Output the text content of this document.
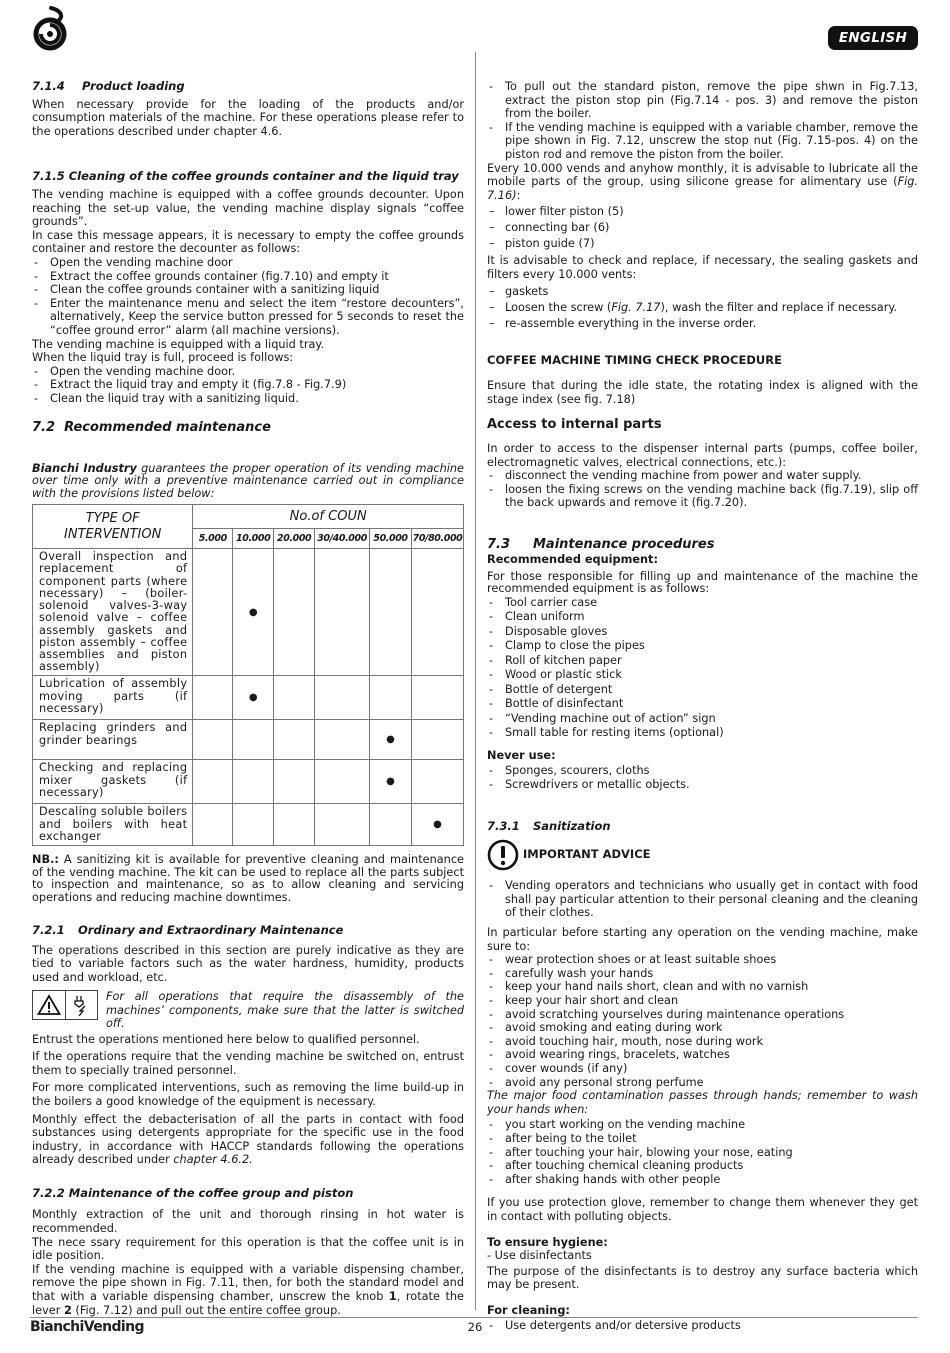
ENGLISH
7.1.4 Product loading

When necessary provide for the loading of the products and/or consumption materials of the machine. For these operations please refer to the operations described under chapter 4.6.

7.1.5 Cleaning of the coffee grounds container and the liquid tray

The vending machine is equipped with a coffee grounds decounter. Upon reaching the set-up value, the vending machine display signals “coffee grounds”.

In case this message appears, it is necessary to empty the coffee grounds container and restore the decounter as follows:

- Open the vending machine door
- Extract the coffee grounds container (fig.7.10) and empty it
- Clean the coffee grounds container with a sanitizing liquid
- Enter the maintenance menu and select the item “restore decounters”, alternatively, Keep the service button pressed for 5 seconds to reset the “coffee ground error” alarm (all machine versions).

The vending machine is equipped with a liquid tray.

When the liquid tray is full, proceed is follows:

- Open the vending machine door.
- Extract the liquid tray and empty it (fig.7.8 - Fig.7.9)
- Clean the liquid tray with a sanitizing liquid.
7.2 Recommended maintenance

Bianchi Industry guarantees the proper operation of its vending machine over time only with a preventive maintenance carried out in compliance with the provisions listed below:

TYPE OF
INTERVENTION	No.of COUN					
	5.000	10.000	20.000	30/40.000	50.000	70/80.000
Overall inspection and replacement of component parts (where necessary) – (boiler-solenoid valves-3-way solenoid valve – coffee assembly gaskets and piston assembly – coffee assemblies and piston assembly)		●				
Lubrication of assembly moving parts (if necessary)		●				
Replacing grinders and grinder bearings					●	
Checking and replacing mixer gaskets (if necessary)					●	
Descaling soluble boilers and boilers with heat exchanger						●

NB.: A sanitizing kit is available for preventive cleaning and maintenance of the vending machine. The kit can be used to replace all the parts subject to inspection and maintenance, so as to allow cleaning and servicing operations and reducing machine downtimes.

7.2.1 Ordinary and Extraordinary Maintenance

The operations described in this section are purely indicative as they are tied to variable factors such as the water hardness, humidity, products used and workload, etc.

For all operations that require the disassembly of the machines’ components, make sure that the latter is switched off.

Entrust the operations mentioned here below to qualified personnel.

If the operations require that the vending machine be switched on, entrust them to specially trained personnel.

For more complicated interventions, such as removing the lime build-up in the boilers a good knowledge of the equipment is necessary.

Monthly effect the debacterisation of all the parts in contact with food substances using detergents appropriate for the specific use in the food industry, in accordance with HACCP standards following the operations already described under chapter 4.6.2.

7.2.2 Maintenance of the coffee group and piston

Monthly extraction of the unit and thorough rinsing in hot water is recommended.

The nece ssary requirement for this operation is that the coffee unit is in idle position.

If the vending machine is equipped with a variable dispensing chamber, remove the pipe shown in Fig. 7.11, then, for both the standard model and that with a variable dispensing chamber, unscrew the knob 1, rotate the lever 2 (Fig. 7.12) and pull out the entire coffee group.

- To pull out the standard piston, remove the pipe shwn in Fig.7.13, extract the piston stop pin (Fig.7.14 - pos. 3) and remove the piston from the boiler.
- If the vending machine is equipped with a variable chamber, remove the pipe shown in Fig. 7.12, unscrew the stop nut (Fig. 7.15-pos. 4) on the piston rod and remove the piston from the boiler.

Every 10.000 vends and anyhow monthly, it is advisable to lubricate all the mobile parts of the group, using silicone grease for alimentary use (Fig. 7.16):

– lower filter piston (5)
– connecting bar (6)
– piston guide (7)

It is advisable to check and replace, if necessary, the sealing gaskets and filters every 10.000 vents:

– gaskets
– Loosen the screw (Fig. 7.17), wash the filter and replace if necessary.
– re-assemble everything in the inverse order.
COFFEE MACHINE TIMING CHECK PROCEDURE

Ensure that during the idle state, the rotating index is aligned with the stage index (see fig. 7.18)

Access to internal parts

In order to access to the dispenser internal parts (pumps, coffee boiler, electromagnetic valves, electrical connections, etc.):

- disconnect the vending machine from power and water supply.
- loosen the fixing screws on the vending machine back (fig.7.19), slip off the back upwards and remove it (fig.7.20).
7.3 Maintenance procedures
Recommended equipment:

For those responsible for filling up and maintenance of the machine the recommended equipment is as follows:

- Tool carrier case
- Clean uniform
- Disposable gloves
- Clamp to close the pipes
- Roll of kitchen paper
- Wood or plastic stick
- Bottle of detergent
- Bottle of disinfectant
- “Vending machine out of action” sign
- Small table for resting items (optional)
Never use:
- Sponges, scourers, cloths
- Screwdrivers or metallic objects.
7.3.1 Sanitization
IMPORTANT ADVICE
- Vending operators and technicians who usually get in contact with food shall pay particular attention to their personal cleaning and the cleaning of their clothes.

In particular before starting any operation on the vending machine, make sure to:

- wear protection shoes or at least suitable shoes
- carefully wash your hands
- keep your hand nails short, clean and with no varnish
- keep your hair short and clean
- avoid scratching yourselves during maintenance operations
- avoid smoking and eating during work
- avoid touching hair, mouth, nose during work
- avoid wearing rings, bracelets, watches
- cover wounds (if any)
- avoid any personal strong perfume

The major food contamination passes through hands; remember to wash your hands when:

- you start working on the vending machine
- after being to the toilet
- after touching your hair, blowing your nose, eating
- after touching chemical cleaning products
- after shaking hands with other people

If you use protection glove, remember to change them whenever they get in contact with polluting objects.

To ensure hygiene:

- Use disinfectants

The purpose of the disinfectants is to destroy any surface bacteria which may be present.

For cleaning:
- Use detergents and/or detersive products
BianchiVending	26
